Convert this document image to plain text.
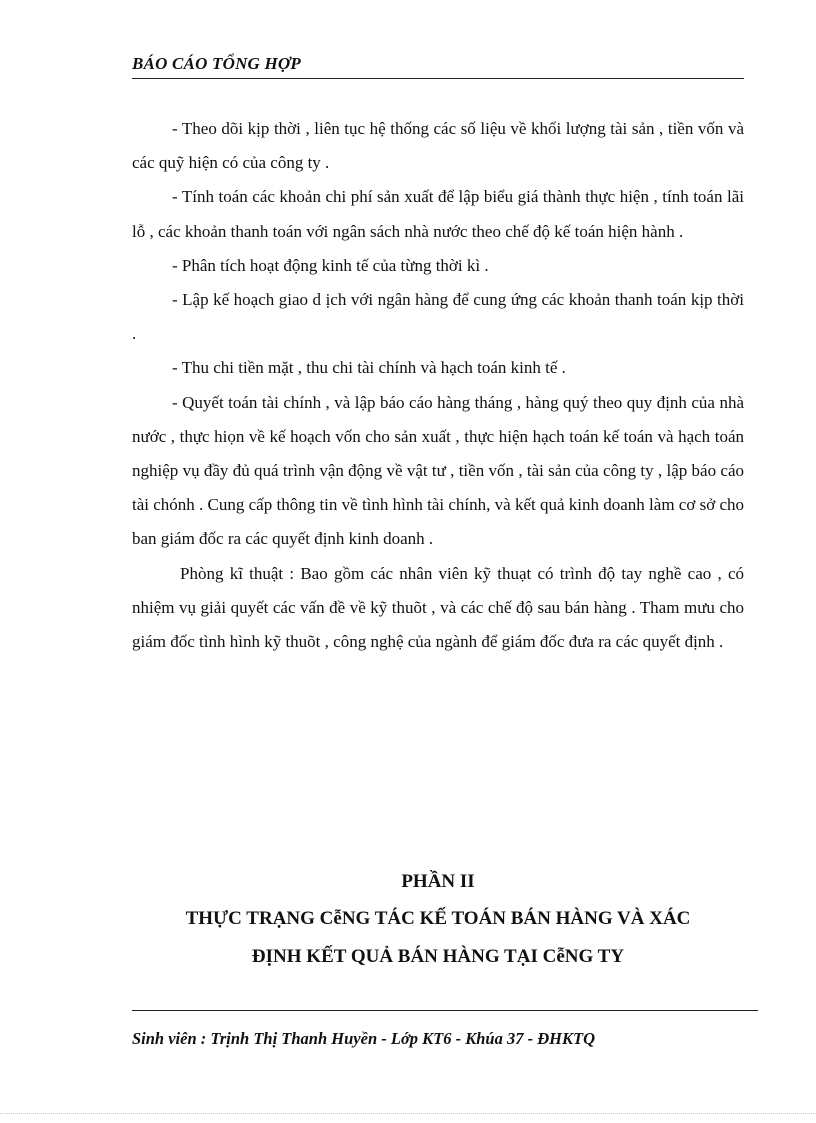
BÁO CÁO TỔNG HỢP

- Theo dõi kịp thời , liên tục hệ thống các số liệu về khối lượng tài sản , tiền vốn và các quỹ hiện có của công ty .

- Tính toán các khoản chi phí sản xuất để lập biểu giá thành thực hiện , tính toán lãi lỗ , các khoản thanh toán với ngân sách nhà nước theo chế độ kế toán hiện hành .

- Phân tích hoạt động kinh tế của từng thời kì .

- Lập kế hoạch giao d ịch với ngân hàng để cung ứng các khoản thanh toán kịp thời .

- Thu chi tiền mặt , thu chi tài chính và hạch toán kinh tế .

- Quyết toán tài chính , và lập báo cáo hàng tháng , hàng quý theo quy định của nhà nước , thực hiọn về kế hoạch vốn cho sản xuất , thực hiện hạch toán kế toán và hạch toán nghiệp vụ đầy đủ quá trình vận động về vật tư , tiền vốn , tài sản của công ty , lập báo cáo tài chónh . Cung cấp thông tin về tình hình tài chính, và kết quả kinh doanh làm cơ sở cho ban giám đốc ra các quyết định kinh doanh .

Phòng kĩ thuật : Bao gồm các nhân viên kỹ thuạt có trình độ tay nghề cao , có nhiệm vụ giải quyết các vấn đề về kỹ thuõt , và các chế độ sau bán hàng . Tham mưu cho giám đốc tình hình kỹ thuõt , công nghệ của ngành để giám đốc đưa ra các quyết định .

PHẦN II
THỰC TRẠNG CễNG TÁC KẾ TOÁN BÁN HÀNG VÀ XÁC
ĐỊNH KẾT QUẢ BÁN HÀNG TẠI CễNG TY
Sinh viên : Trịnh Thị Thanh Huyền - Lớp KT6 - Khúa 37 - ĐHKTQ
